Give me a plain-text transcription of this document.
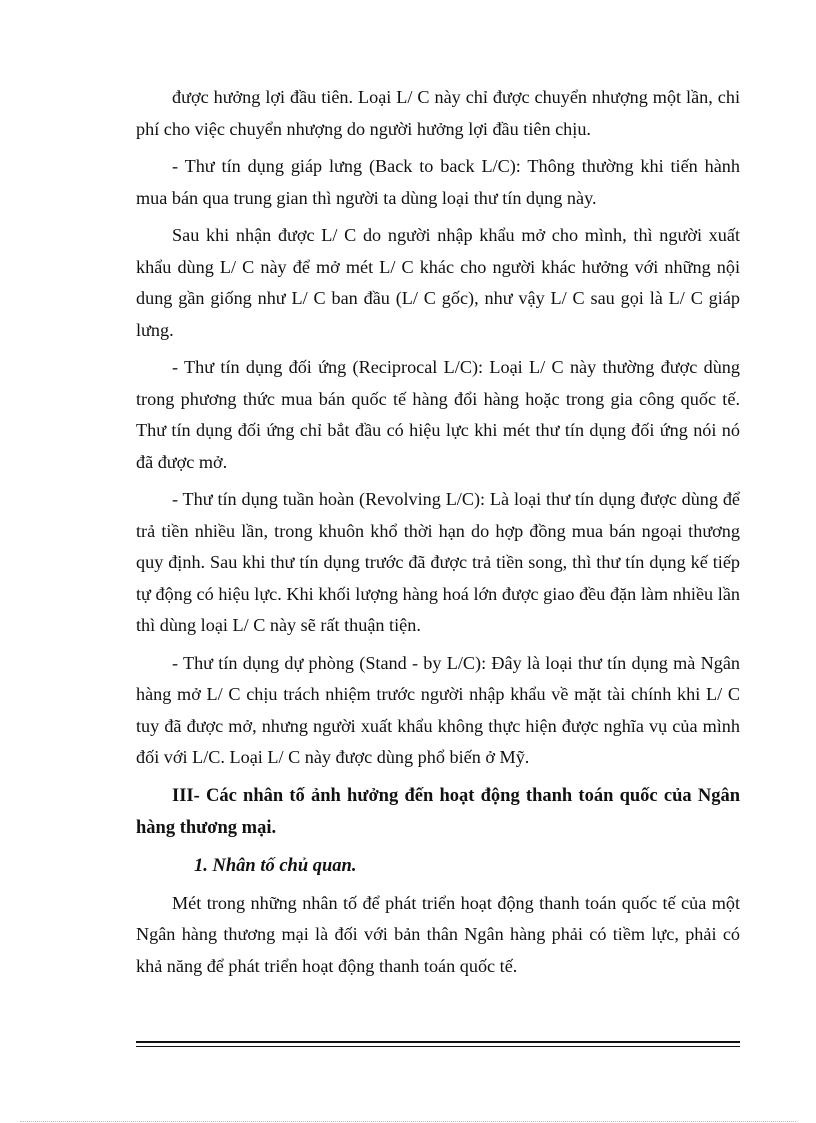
được hưởng lợi đầu tiên. Loại L/ C này chỉ được chuyển nhượng một lần, chi phí cho việc chuyển nhượng do người hưởng lợi đầu tiên chịu.

- Thư tín dụng giáp lưng (Back to back L/C): Thông thường khi tiến hành mua bán qua trung gian thì người ta dùng loại thư tín dụng này.

Sau khi nhận được L/ C do người nhập khẩu mở cho mình, thì người xuất khẩu dùng L/ C này để mở mét L/ C khác cho người khác hưởng với những nội dung gần giống như L/ C ban đầu (L/ C gốc), như vậy L/ C sau gọi là L/ C giáp lưng.

- Thư tín dụng đối ứng (Reciprocal L/C): Loại L/ C này thường được dùng trong phương thức mua bán quốc tế hàng đổi hàng hoặc trong gia công quốc tế. Thư tín dụng đối ứng chỉ bắt đầu có hiệu lực khi mét thư tín dụng đối ứng nói nó đã được mở.

- Thư tín dụng tuần hoàn (Revolving L/C): Là loại thư tín dụng được dùng để trả tiền nhiều lần, trong khuôn khổ thời hạn do hợp đồng mua bán ngoại thương quy định. Sau khi thư tín dụng trước đã được trả tiền song, thì thư tín dụng kế tiếp tự động có hiệu lực. Khi khối lượng hàng hoá lớn được giao đều đặn làm nhiều lần thì dùng loại L/ C này sẽ rất thuận tiện.

- Thư tín dụng dự phòng (Stand - by L/C): Đây là loại thư tín dụng mà Ngân hàng mở L/ C chịu trách nhiệm trước người nhập khẩu về mặt tài chính khi L/ C tuy đã được mở, nhưng người xuất khẩu không thực hiện được nghĩa vụ của mình đối với L/C. Loại L/ C này được dùng phổ biến ở Mỹ.

III- Các nhân tố ảnh hưởng đến hoạt động thanh toán quốc của Ngân hàng thương mại.

1. Nhân tố chủ quan.

Mét trong những nhân tố để phát triển hoạt động thanh toán quốc tế của một Ngân hàng thương mại là đối với bản thân Ngân hàng phải có tiềm lực, phải có khả năng để phát triển hoạt động thanh toán quốc tế.
